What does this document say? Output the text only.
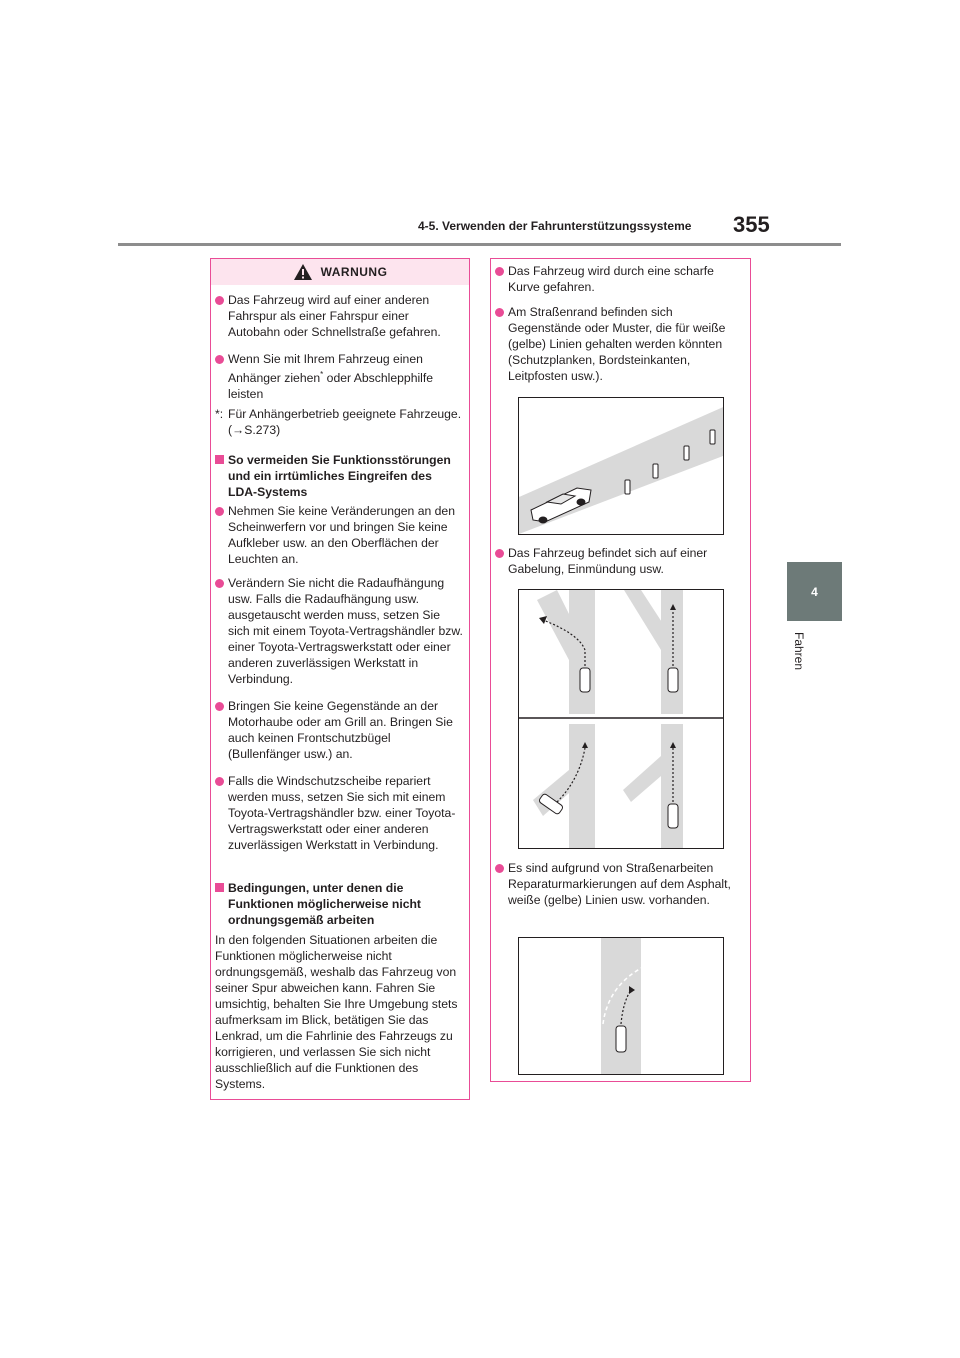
4-5. Verwenden der Fahrunterstützungssysteme 355
4
Fahren
WARNUNG
Das Fahrzeug wird auf einer anderen Fahrspur als einer Fahrspur einer Autobahn oder Schnellstraße gefahren.
Wenn Sie mit Ihrem Fahrzeug einen Anhänger ziehen* oder Abschlepphilfe leisten
*: Für Anhängerbetrieb geeignete Fahrzeuge. (→S.273)
So vermeiden Sie Funktionsstörungen und ein irrtümliches Eingreifen des LDA-Systems
Nehmen Sie keine Veränderungen an den Scheinwerfern vor und bringen Sie keine Aufkleber usw. an den Oberflächen der Leuchten an.
Verändern Sie nicht die Radaufhängung usw. Falls die Radaufhängung usw. ausgetauscht werden muss, setzen Sie sich mit einem Toyota-Vertragshändler bzw. einer Toyota-Vertragswerkstatt oder einer anderen zuverlässigen Werkstatt in Verbindung.
Bringen Sie keine Gegenstände an der Motorhaube oder am Grill an. Bringen Sie auch keinen Frontschutzbügel (Bullenfänger usw.) an.
Falls die Windschutzscheibe repariert werden muss, setzen Sie sich mit einem Toyota-Vertragshändler bzw. einer Toyota-Vertragswerkstatt oder einer anderen zuverlässigen Werkstatt in Verbindung.
Bedingungen, unter denen die Funktionen möglicherweise nicht ordnungsgemäß arbeiten
In den folgenden Situationen arbeiten die Funktionen möglicherweise nicht ordnungsgemäß, weshalb das Fahrzeug von seiner Spur abweichen kann. Fahren Sie umsichtig, behalten Sie Ihre Umgebung stets aufmerksam im Blick, betätigen Sie das Lenkrad, um die Fahrlinie des Fahrzeugs zu korrigieren, und verlassen Sie sich nicht ausschließlich auf die Funktionen des Systems.
Das Fahrzeug wird durch eine scharfe Kurve gefahren.
Am Straßenrand befinden sich Gegenstände oder Muster, die für weiße (gelbe) Linien gehalten werden könnten (Schutzplanken, Bordsteinkanten, Leitpfosten usw.).
Das Fahrzeug befindet sich auf einer Gabelung, Einmündung usw.
Es sind aufgrund von Straßenarbeiten Reparaturmarkierungen auf dem Asphalt, weiße (gelbe) Linien usw. vorhanden.
